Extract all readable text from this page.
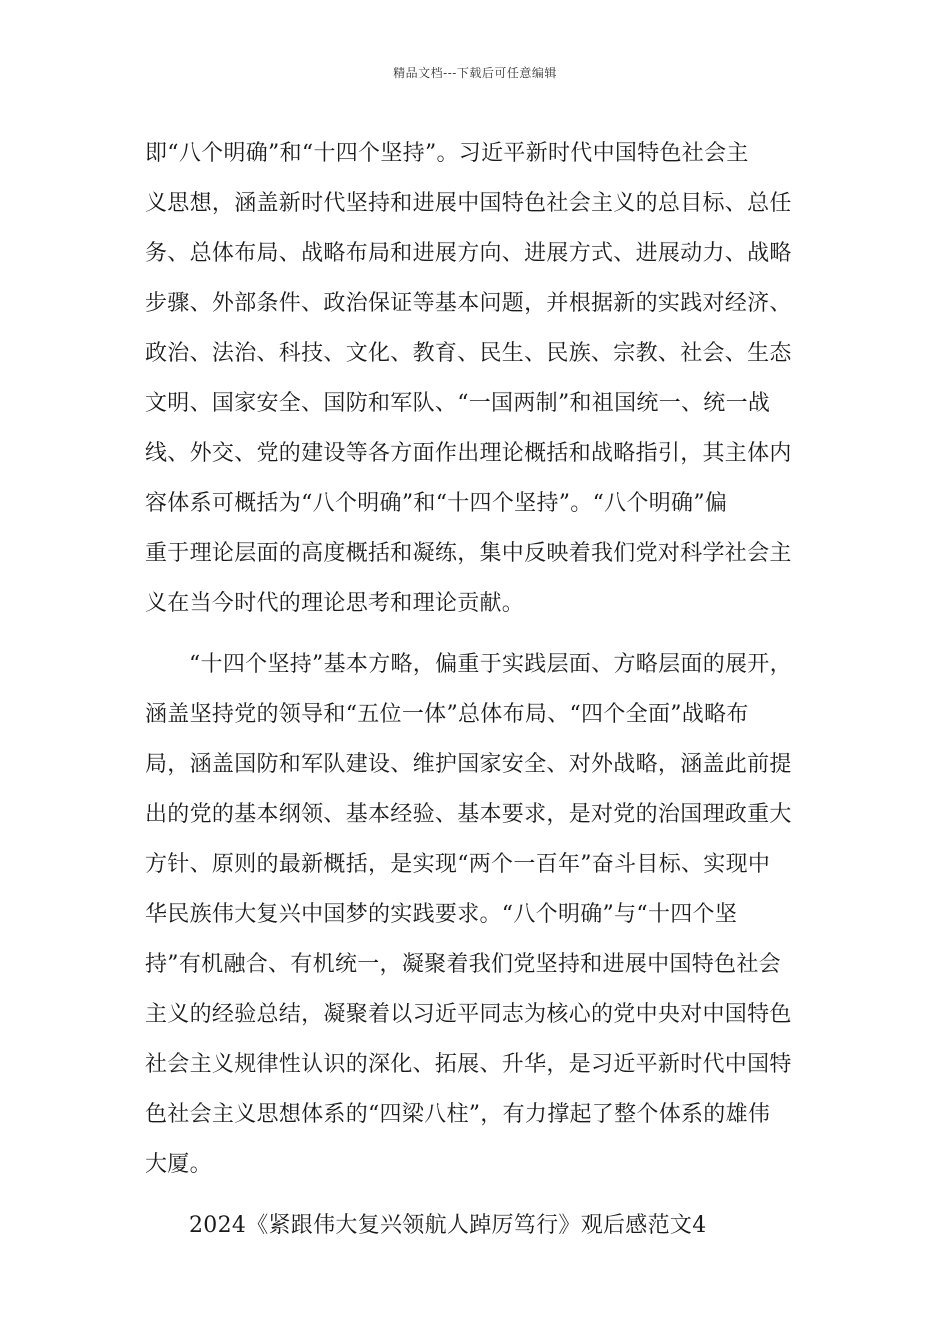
精品文档---下载后可任意编辑
即“八个明确”和“十四个坚持”。习近平新时代中国特色社会主
义思想，涵盖新时代坚持和进展中国特色社会主义的总目标、总任
务、总体布局、战略布局和进展方向、进展方式、进展动力、战略
步骤、外部条件、政治保证等基本问题，并根据新的实践对经济、
政治、法治、科技、文化、教育、民生、民族、宗教、社会、生态
文明、国家安全、国防和军队、“一国两制”和祖国统一、统一战
线、外交、党的建设等各方面作出理论概括和战略指引，其主体内
容体系可概括为“八个明确”和“十四个坚持”。“八个明确”偏
重于理论层面的高度概括和凝练，集中反映着我们党对科学社会主
义在当今时代的理论思考和理论贡献。
“十四个坚持”基本方略，偏重于实践层面、方略层面的展开，
涵盖坚持党的领导和“五位一体”总体布局、“四个全面”战略布
局，涵盖国防和军队建设、维护国家安全、对外战略，涵盖此前提
出的党的基本纲领、基本经验、基本要求，是对党的治国理政重大
方针、原则的最新概括，是实现“两个一百年”奋斗目标、实现中
华民族伟大复兴中国梦的实践要求。“八个明确”与“十四个坚
持”有机融合、有机统一，凝聚着我们党坚持和进展中国特色社会
主义的经验总结，凝聚着以习近平同志为核心的党中央对中国特色
社会主义规律性认识的深化、拓展、升华，是习近平新时代中国特
色社会主义思想体系的“四梁八柱”，有力撑起了整个体系的雄伟
大厦。
2024《紧跟伟大复兴领航人踔厉笃行》观后感范文4
